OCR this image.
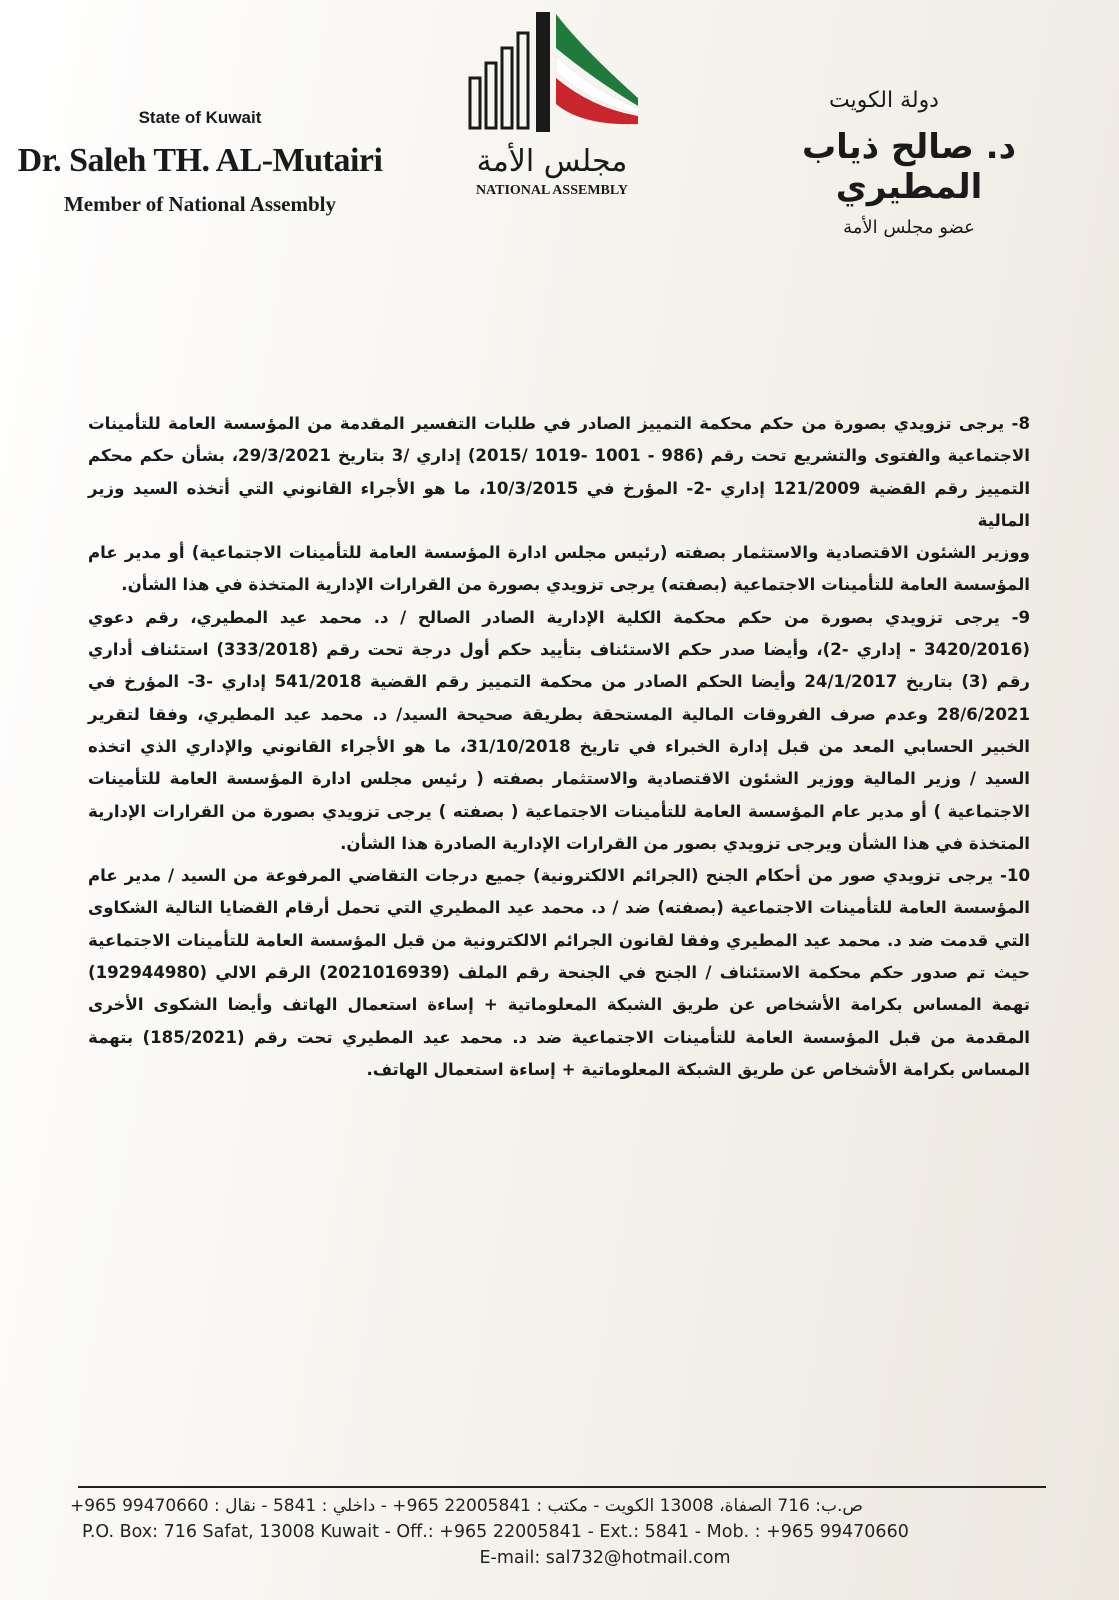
State of Kuwait
Dr. Saleh TH. AL-Mutairi
Member of National Assembly
مجلس الأمة
NATIONAL ASSEMBLY
دولة الكويت
د. صالح ذياب المطيري
عضو مجلس الأمة

8- يرجى تزويدي بصورة من حكم محكمة التمييز الصادر في طلبات التفسير المقدمة من المؤسسة العامة للتأمينات الاجتماعية والفتوى والتشريع تحت رقم (986 - 1001 -1019 /2015) إداري /3 بتاريخ 29/3/2021، بشأن حكم محكم التمييز رقم القضية 121/2009 إداري -2- المؤرخ في 10/3/2015، ما هو الأجراء القانوني التي أتخذه السيد وزير المالية

ووزير الشئون الاقتصادية والاستثمار بصفته (رئيس مجلس ادارة المؤسسة العامة للتأمينات الاجتماعية) أو مدير عام المؤسسة العامة للتأمينات الاجتماعية (بصفته) يرجى تزويدي بصورة من القرارات الإدارية المتخذة في هذا الشأن.

9- يرجى تزويدي بصورة من حكم محكمة الكلية الإدارية الصادر الصالح / د. محمد عيد المطيري، رقم دعوي (3420/2016 - إداري -2)، وأيضا صدر حكم الاستئناف بتأييد حكم أول درجة تحت رقم (333/2018) استئناف أداري رقم (3) بتاريخ 24/1/2017 وأيضا الحكم الصادر من محكمة التمييز رقم القضية 541/2018 إداري -3- المؤرخ في 28/6/2021 وعدم صرف الفروقات المالية المستحقة بطريقة صحيحة السيد/ د. محمد عيد المطيري، وفقا لتقرير الخبير الحسابي المعد من قبل إدارة الخبراء في تاريخ 31/10/2018، ما هو الأجراء القانوني والإداري الذي اتخذه السيد / وزير المالية ووزير الشئون الاقتصادية والاستثمار بصفته ( رئيس مجلس ادارة المؤسسة العامة للتأمينات الاجتماعية ) أو مدير عام المؤسسة العامة للتأمينات الاجتماعية ( بصفته ) يرجى تزويدي بصورة من القرارات الإدارية المتخذة في هذا الشأن ويرجى تزويدي بصور من القرارات الإدارية الصادرة هذا الشأن.

10- يرجى تزويدي صور من أحكام الجنح (الجرائم الالكترونية) جميع درجات التقاضي المرفوعة من السيد / مدير عام المؤسسة العامة للتأمينات الاجتماعية (بصفته) ضد / د. محمد عيد المطيري التي تحمل أرقام القضايا التالية الشكاوى التي قدمت ضد د. محمد عيد المطيري وفقا لقانون الجرائم الالكترونية من قبل المؤسسة العامة للتأمينات الاجتماعية حيث تم صدور حكم محكمة الاستئناف / الجنح في الجنحة رقم الملف (2021016939) الرقم الالي (192944980) تهمة المساس بكرامة الأشخاص عن طريق الشبكة المعلوماتية + إساءة استعمال الهاتف وأيضا الشكوى الأخرى المقدمة من قبل المؤسسة العامة للتأمينات الاجتماعية ضد د. محمد عيد المطيري تحت رقم (185/2021) بتهمة المساس بكرامة الأشخاص عن طريق الشبكة المعلوماتية + إساءة استعمال الهاتف.

ص.ب: 716 الصفاة، 13008 الكويت - مكتب : 22005841 965+ - داخلي : 5841 - نقال : +965 99470660
P.O. Box: 716 Safat, 13008 Kuwait - Off.: +965 22005841 - Ext.: 5841 - Mob. : +965 99470660
E-mail: sal732@hotmail.com
